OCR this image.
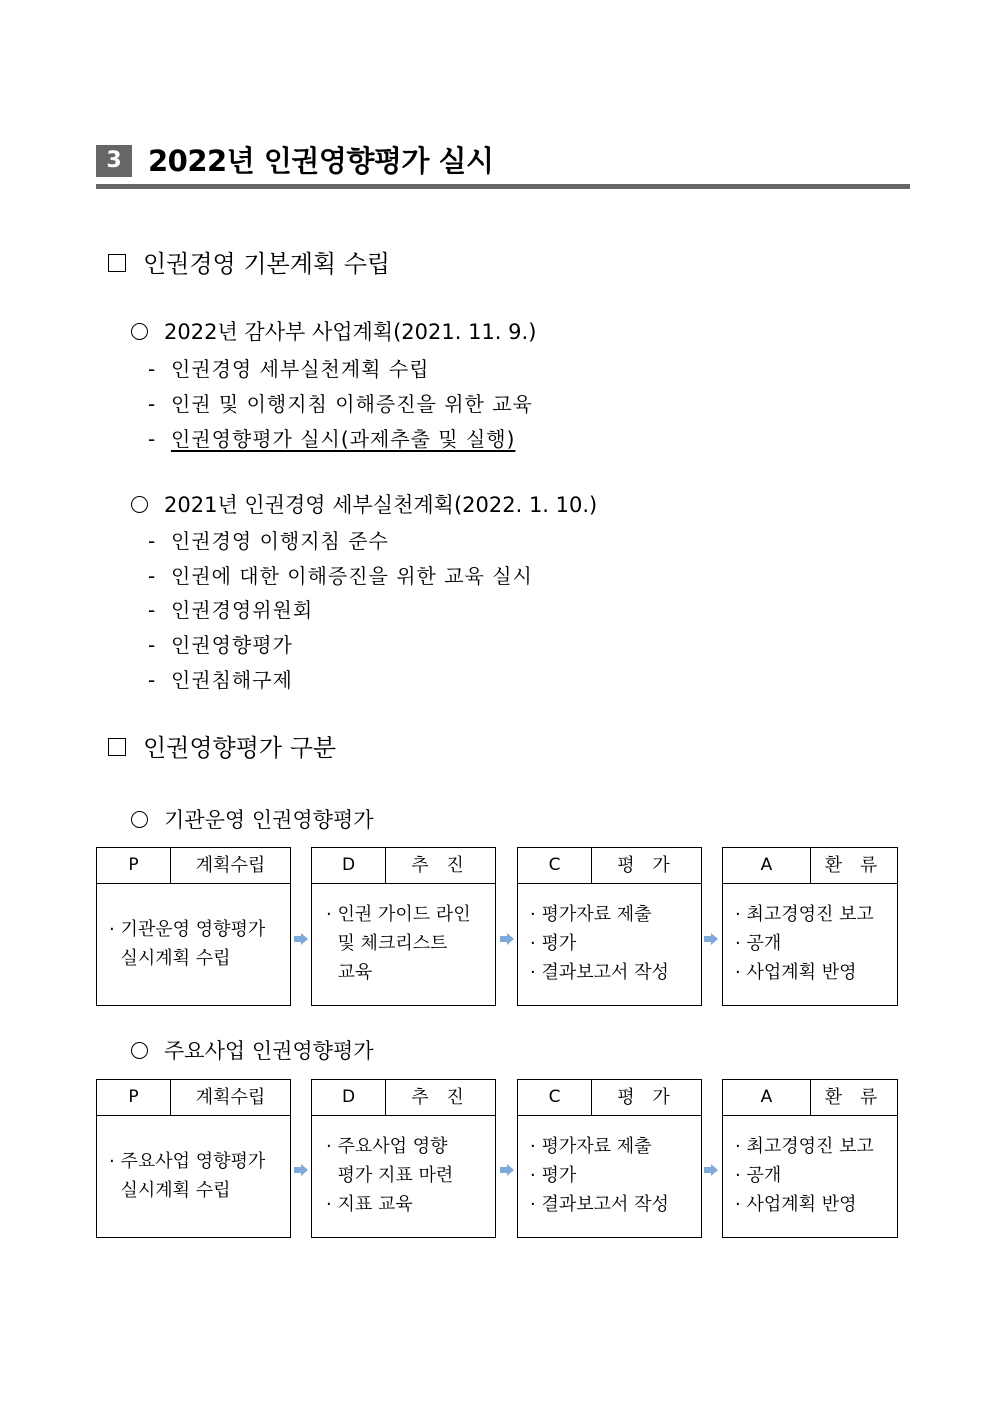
3 2022년 인권영향평가 실시
인권경영 기본계획 수립
2022년 감사부 사업계획(2021. 11. 9.)
- 인권경영 세부실천계획 수립
- 인권 및 이행지침 이해증진을 위한 교육
- 인권영향평가 실시(과제추출 및 실행)
2021년 인권경영 세부실천계획(2022. 1. 10.)
- 인권경영 이행지침 준수
- 인권에 대한 이해증진을 위한 교육 실시
- 인권경영위원회
- 인권영향평가
- 인권침해구제
인권영향평가 구분
기관운영 인권영향평가
P	계획수립
· 기관운영 영향평가
실시계획 수립
D	추 진
· 인권 가이드 라인
및 체크리스트
교육
C	평 가
· 평가자료 제출
· 평가
· 결과보고서 작성
A	환 류
· 최고경영진 보고
· 공개
· 사업계획 반영
주요사업 인권영향평가
P	계획수립
· 주요사업 영향평가
실시계획 수립
D	추 진
· 주요사업 영향
평가 지표 마련
· 지표 교육
C	평 가
· 평가자료 제출
· 평가
· 결과보고서 작성
A	환 류
· 최고경영진 보고
· 공개
· 사업계획 반영
